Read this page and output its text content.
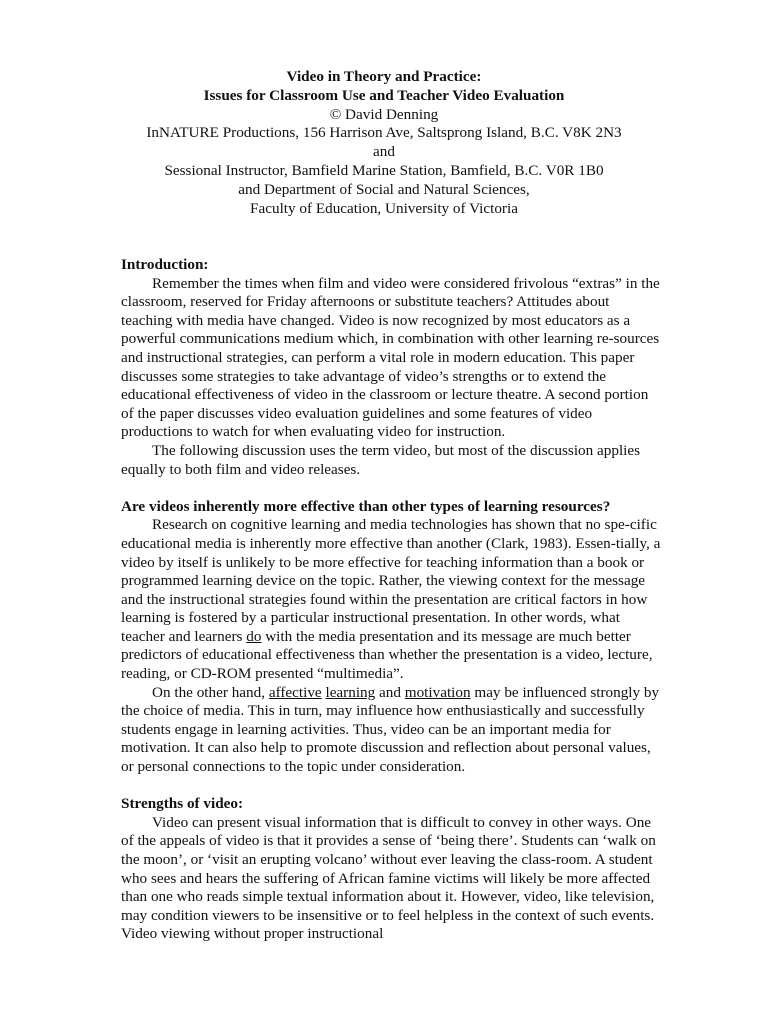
Video in Theory and Practice:
Issues for Classroom Use and Teacher Video Evaluation
© David Denning
InNATURE Productions, 156 Harrison Ave, Saltsprong Island, B.C. V8K 2N3
and
Sessional Instructor, Bamfield Marine Station, Bamfield, B.C. V0R 1B0
and Department of Social and Natural Sciences,
Faculty of Education, University of Victoria

Introduction:

Remember the times when film and video were considered frivolous “extras” in the classroom, reserved for Friday afternoons or substitute teachers? Attitudes about teaching with media have changed. Video is now recognized by most educators as a powerful communications medium which, in combination with other learning re-sources and instructional strategies, can perform a vital role in modern education. This paper discusses some strategies to take advantage of video’s strengths or to extend the educational effectiveness of video in the classroom or lecture theatre. A second portion of the paper discusses video evaluation guidelines and some features of video productions to watch for when evaluating video for instruction.

The following discussion uses the term video, but most of the discussion applies equally to both film and video releases.

Are videos inherently more effective than other types of learning resources?

Research on cognitive learning and media technologies has shown that no spe-cific educational media is inherently more effective than another (Clark, 1983). Essen-tially, a video by itself is unlikely to be more effective for teaching information than a book or programmed learning device on the topic. Rather, the viewing context for the message and the instructional strategies found within the presentation are critical factors in how learning is fostered by a particular instructional presentation. In other words, what teacher and learners do with the media presentation and its message are much better predictors of educational effectiveness than whether the presentation is a video, lecture, reading, or CD-ROM presented “multimedia”.

On the other hand, affective learning and motivation may be influenced strongly by the choice of media. This in turn, may influence how enthusiastically and successfully students engage in learning activities. Thus, video can be an important media for motivation. It can also help to promote discussion and reflection about personal values, or personal connections to the topic under consideration.

Strengths of video:

Video can present visual information that is difficult to convey in other ways. One of the appeals of video is that it provides a sense of ‘being there’. Students can ‘walk on the moon’, or ‘visit an erupting volcano’ without ever leaving the class-room. A student who sees and hears the suffering of African famine victims will likely be more affected than one who reads simple textual information about it. However, video, like television, may condition viewers to be insensitive or to feel helpless in the context of such events. Video viewing without proper instructional
